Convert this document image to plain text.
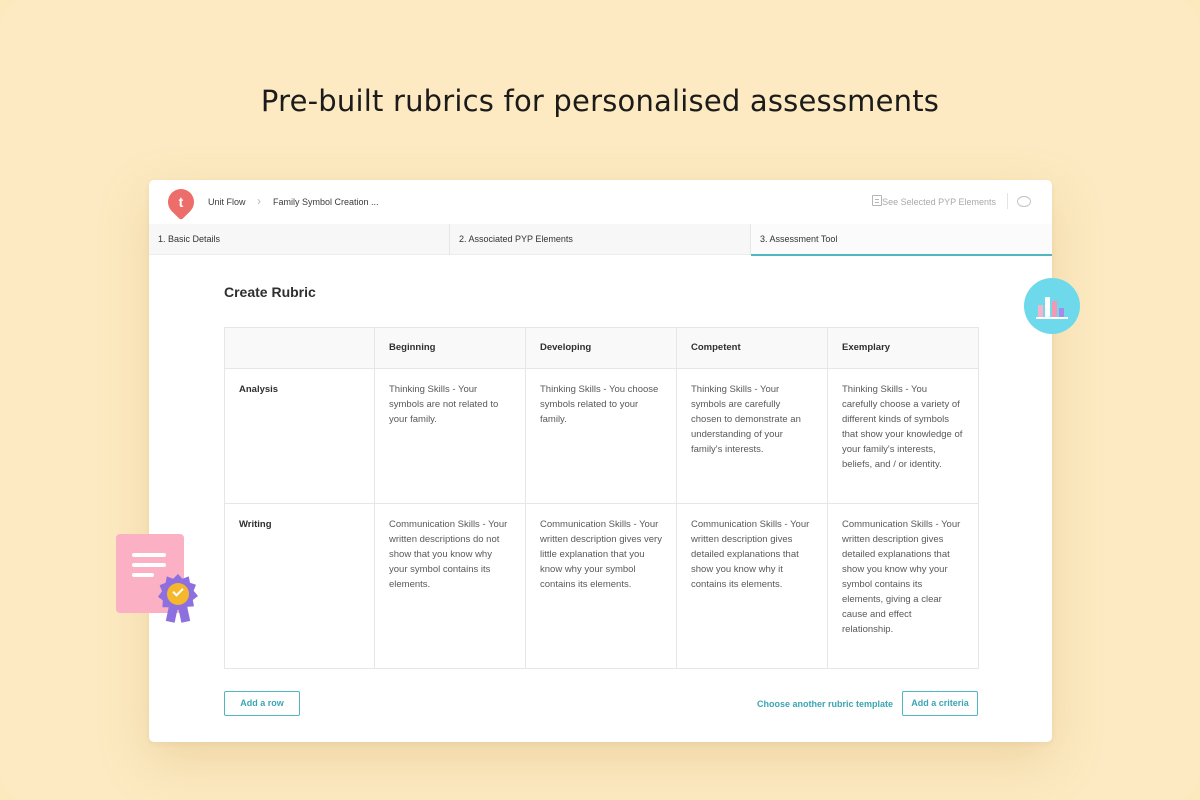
Pre-built rubrics for personalised assessments
t	Unit Flow › Family Symbol Creation ...	See Selected PYP Elements
1. Basic Details	2. Associated PYP Elements	3. Assessment Tool
Create Rubric
	Beginning	Developing	Competent	Exemplary
Analysis	Thinking Skills - Your symbols are not related to your family.	Thinking Skills - You choose symbols related to your family.	Thinking Skills - Your symbols are carefully chosen to demonstrate an understanding of your family's interests.	Thinking Skills - You carefully choose a variety of different kinds of symbols that show your knowledge of your family's interests, beliefs, and / or identity.
Writing	Communication Skills - Your written descriptions do not show that you know why your symbol contains its elements.	Communication Skills - Your written description gives very little explanation that you know why your symbol contains its elements.	Communication Skills - Your written description gives detailed explanations that show you know why it contains its elements.	Communication Skills - Your written description gives detailed explanations that show you know why your symbol contains its elements, giving a clear cause and effect relationship.
Add a row	Choose another rubric template	Add a criteria
